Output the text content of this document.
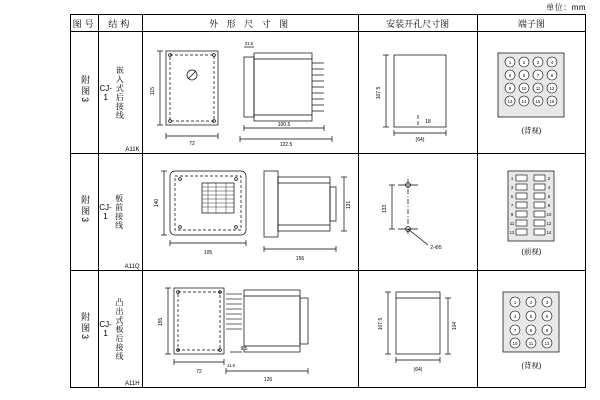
单位：mm
图号	结构	外 形 尺 寸 图	安装开孔尺寸图	端子图
附图3	CJ-1 嵌入式后接线
A11K

115
100.5
122.5
72
31.5

107.5
18
(64)

1	2	3	4
5	6	7	8
9 10 11 12
13 14 15 16
(背视)

附图3	CJ-1 板前接线
A11Q

140
105
156
131	133
2-Φ5

1	2
3	4
5	6
7	8
9	10
11	12
13	14
(前视)

附图3	CJ-1 凸出式板后接线
A11H

155
72
9.5
126
11.5

107.5	104
(64)

1	2	3
4	5	6
7	8	9
10	11	12
(背视)
